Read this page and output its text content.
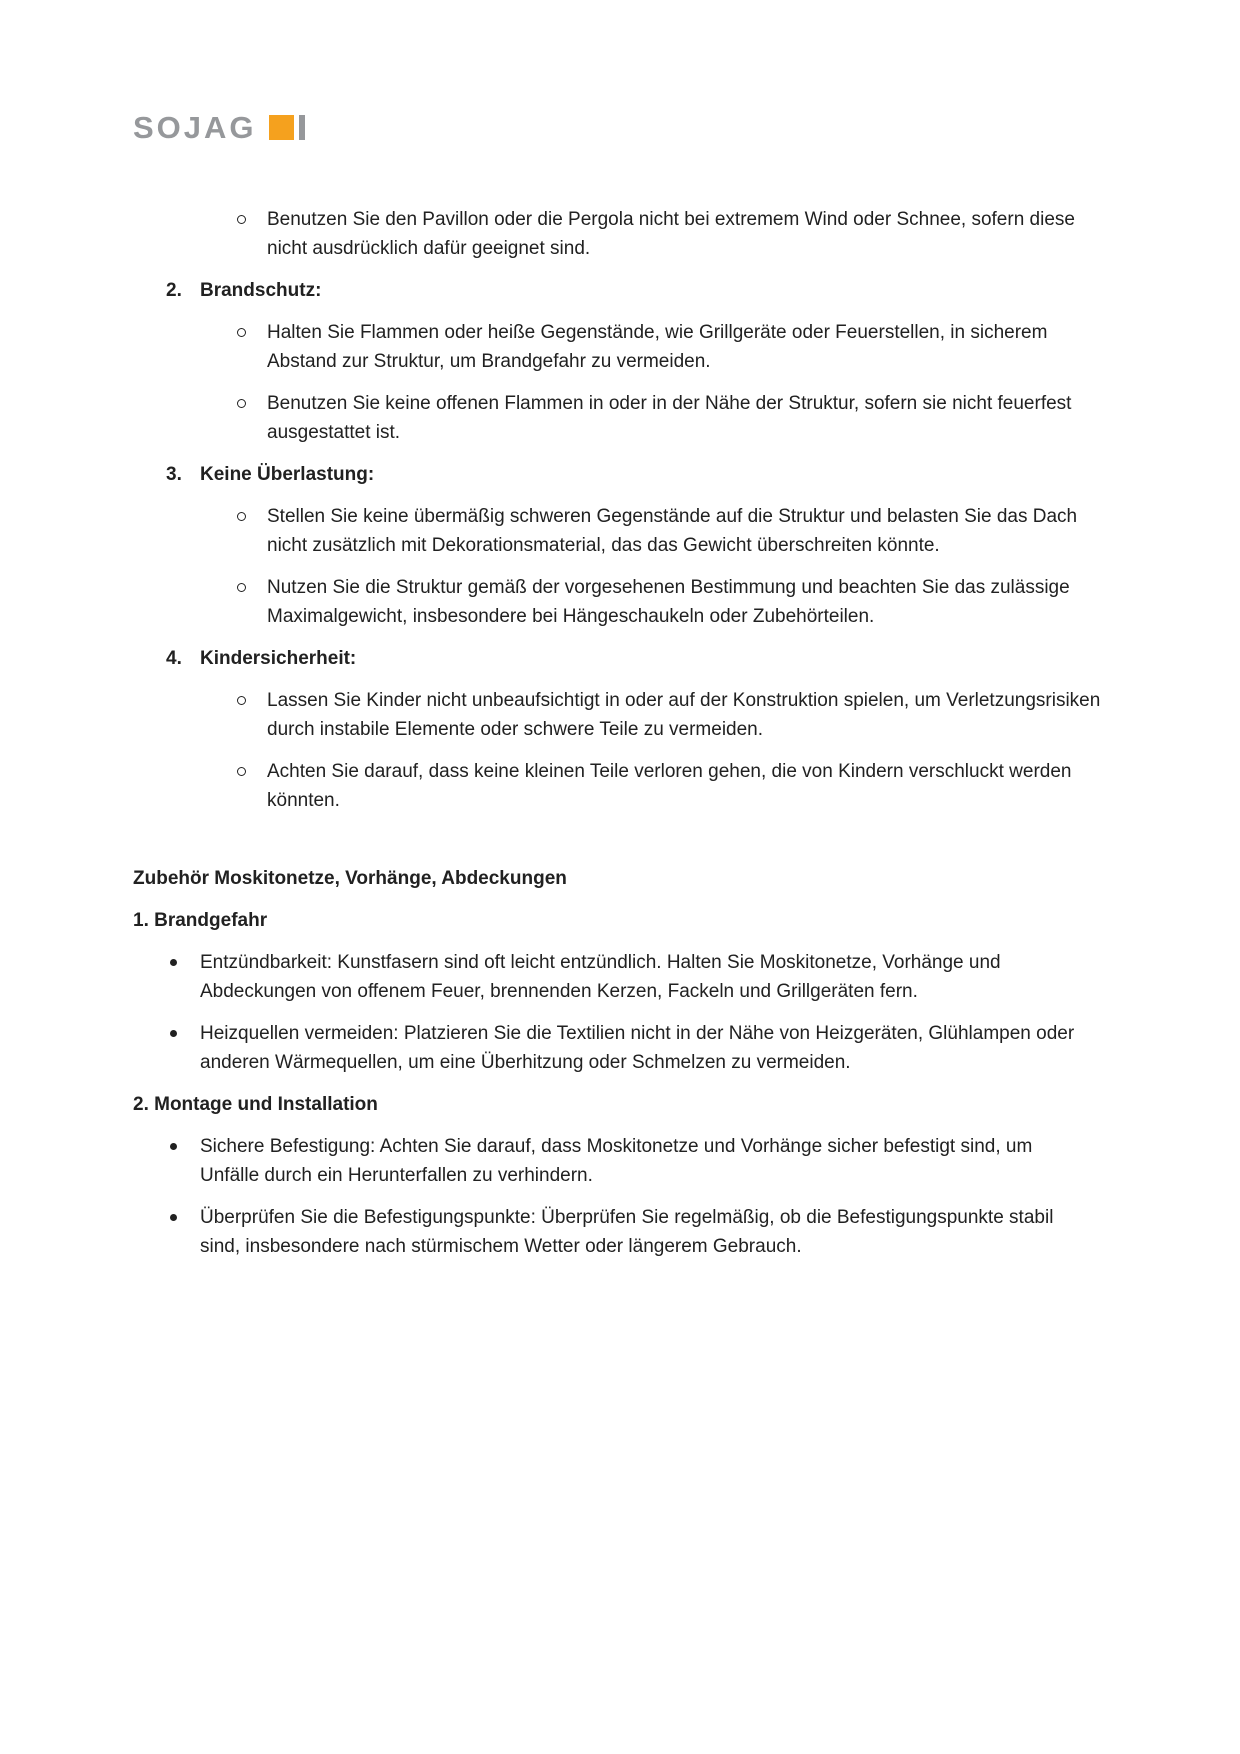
SOJAG
Benutzen Sie den Pavillon oder die Pergola nicht bei extremem Wind oder Schnee, sofern diese nicht ausdrücklich dafür geeignet sind.
2. Brandschutz:
Halten Sie Flammen oder heiße Gegenstände, wie Grillgeräte oder Feuerstellen, in sicherem Abstand zur Struktur, um Brandgefahr zu vermeiden.
Benutzen Sie keine offenen Flammen in oder in der Nähe der Struktur, sofern sie nicht feuerfest ausgestattet ist.
3. Keine Überlastung:
Stellen Sie keine übermäßig schweren Gegenstände auf die Struktur und belasten Sie das Dach nicht zusätzlich mit Dekorationsmaterial, das das Gewicht überschreiten könnte.
Nutzen Sie die Struktur gemäß der vorgesehenen Bestimmung und beachten Sie das zulässige Maximalgewicht, insbesondere bei Hängeschaukeln oder Zubehörteilen.
4. Kindersicherheit:
Lassen Sie Kinder nicht unbeaufsichtigt in oder auf der Konstruktion spielen, um Verletzungsrisiken durch instabile Elemente oder schwere Teile zu vermeiden.
Achten Sie darauf, dass keine kleinen Teile verloren gehen, die von Kindern verschluckt werden könnten.
Zubehör Moskitonetze, Vorhänge, Abdeckungen
1. Brandgefahr
Entzündbarkeit: Kunstfasern sind oft leicht entzündlich. Halten Sie Moskitonetze, Vorhänge und Abdeckungen von offenem Feuer, brennenden Kerzen, Fackeln und Grillgeräten fern.
Heizquellen vermeiden: Platzieren Sie die Textilien nicht in der Nähe von Heizgeräten, Glühlampen oder anderen Wärmequellen, um eine Überhitzung oder Schmelzen zu vermeiden.
2. Montage und Installation
Sichere Befestigung: Achten Sie darauf, dass Moskitonetze und Vorhänge sicher befestigt sind, um Unfälle durch ein Herunterfallen zu verhindern.
Überprüfen Sie die Befestigungspunkte: Überprüfen Sie regelmäßig, ob die Befestigungspunkte stabil sind, insbesondere nach stürmischem Wetter oder längerem Gebrauch.
